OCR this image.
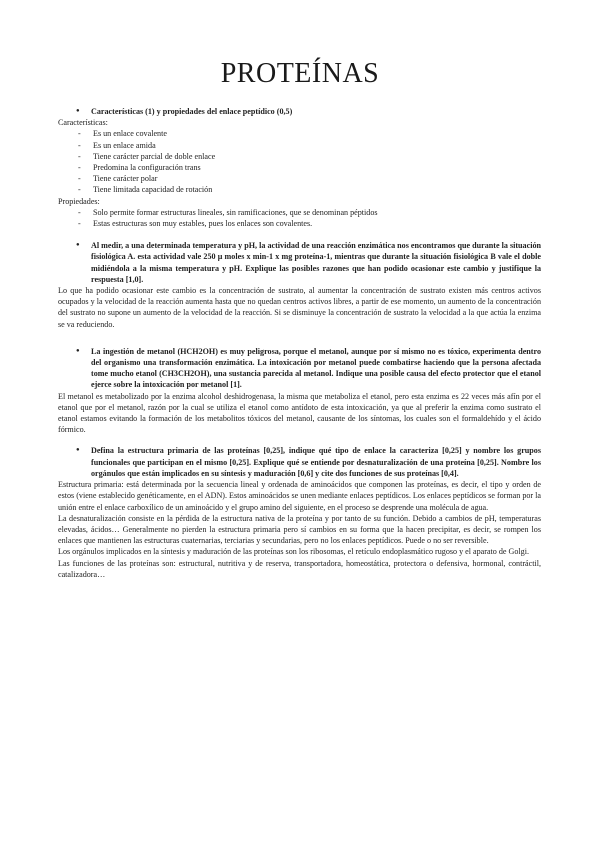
PROTEÍNAS
● Características (1) y propiedades del enlace peptídico (0,5)
Características:
- Es un enlace covalente
- Es un enlace amida
- Tiene carácter parcial de doble enlace
- Predomina la configuración trans
- Tiene carácter polar
- Tiene limitada capacidad de rotación
Propiedades:
- Solo permite formar estructuras lineales, sin ramificaciones, que se denominan péptidos
- Estas estructuras son muy estables, pues los enlaces son covalentes.
● Al medir, a una determinada temperatura y pH, la actividad de una reacción enzimática nos encontramos que durante la situación fisiológica A. esta actividad vale 250 μ moles x min-1 x mg proteína-1, mientras que durante la situación fisiológica B vale el doble midiéndola a la misma temperatura y pH. Explique las posibles razones que han podido ocasionar este cambio y justifique la respuesta [1,0].

Lo que ha podido ocasionar este cambio es la concentración de sustrato, al aumentar la concentración de sustrato existen más centros activos ocupados y la velocidad de la reacción aumenta hasta que no quedan centros activos libres, a partir de ese momento, un aumento de la concentración del sustrato no supone un aumento de la velocidad de la reacción. Si se disminuye la concentración de sustrato la velocidad a la que actúa la enzima se va reduciendo.

● La ingestión de metanol (HCH2OH) es muy peligrosa, porque el metanol, aunque por sí mismo no es tóxico, experimenta dentro del organismo una transformación enzimática. La intoxicación por metanol puede combatirse haciendo que la persona afectada tome mucho etanol (CH3CH2OH), una sustancia parecida al metanol. Indique una posible causa del efecto protector que el etanol ejerce sobre la intoxicación por metanol [1].

El metanol es metabolizado por la enzima alcohol deshidrogenasa, la misma que metaboliza el etanol, pero esta enzima es 22 veces más afín por el etanol que por el metanol, razón por la cual se utiliza el etanol como antídoto de esta intoxicación, ya que al preferir la enzima como sustrato el etanol estamos evitando la formación de los metabolitos tóxicos del metanol, causante de los síntomas, los cuales son el formaldehído y el ácido fórmico.

● Defina la estructura primaria de las proteínas [0,25], indique qué tipo de enlace la caracteriza [0,25] y nombre los grupos funcionales que participan en el mismo [0,25]. Explique qué se entiende por desnaturalización de una proteína [0,25]. Nombre los orgánulos que están implicados en su síntesis y maduración [0,6] y cite dos funciones de sus proteínas [0,4].

Estructura primaria: está determinada por la secuencia lineal y ordenada de aminoácidos que componen las proteínas, es decir, el tipo y orden de estos (viene establecido genéticamente, en el ADN). Estos aminoácidos se unen mediante enlaces peptídicos. Los enlaces peptídicos se forman por la unión entre el enlace carboxílico de un aminoácido y el grupo amino del siguiente, en el proceso se desprende una molécula de agua.

La desnaturalización consiste en la pérdida de la estructura nativa de la proteína y por tanto de su función. Debido a cambios de pH, temperaturas elevadas, ácidos… Generalmente no pierden la estructura primaria pero sí cambios en su forma que la hacen precipitar, es decir, se rompen los enlaces que mantienen las estructuras cuaternarias, terciarias y secundarias, pero no los enlaces peptídicos. Puede o no ser reversible.

Los orgánulos implicados en la síntesis y maduración de las proteínas son los ribosomas, el retículo endoplasmático rugoso y el aparato de Golgi.

Las funciones de las proteínas son: estructural, nutritiva y de reserva, transportadora, homeostática, protectora o defensiva, hormonal, contráctil, catalizadora…
